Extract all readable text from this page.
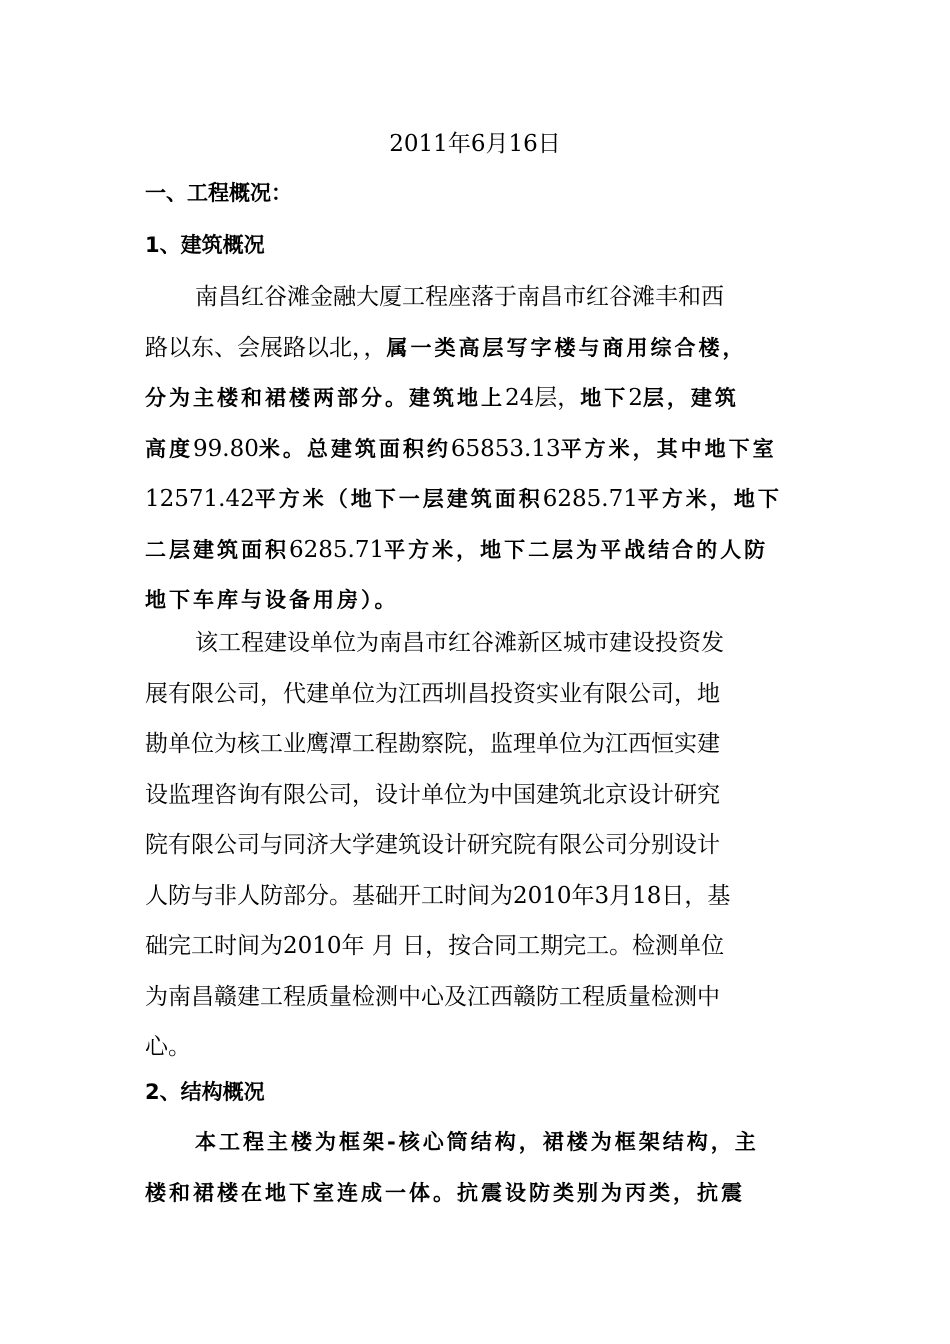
2011年6月16日
一、工程概况：
1、建筑概况
南昌红谷滩金融大厦工程座落于南昌市红谷滩丰和西
路以东、会展路以北，，属一类高层写字楼与商用综合楼，
分为主楼和裙楼两部分。建筑地上24层，地下2层，建筑
高度99.80米。总建筑面积约65853.13平方米，其中地下室
12571.42平方米（地下一层建筑面积6285.71平方米，地下
二层建筑面积6285.71平方米，地下二层为平战结合的人防
地下车库与设备用房）。
该工程建设单位为南昌市红谷滩新区城市建设投资发
展有限公司，代建单位为江西圳昌投资实业有限公司，地
勘单位为核工业鹰潭工程勘察院，监理单位为江西恒实建
设监理咨询有限公司，设计单位为中国建筑北京设计研究
院有限公司与同济大学建筑设计研究院有限公司分别设计
人防与非人防部分。基础开工时间为2010年3月18日，基
础完工时间为2010年 月 日，按合同工期完工。检测单位
为南昌赣建工程质量检测中心及江西赣防工程质量检测中
心。
2、结构概况
本工程主楼为框架-核心筒结构，裙楼为框架结构，主
楼和裙楼在地下室连成一体。抗震设防类别为丙类，抗震
